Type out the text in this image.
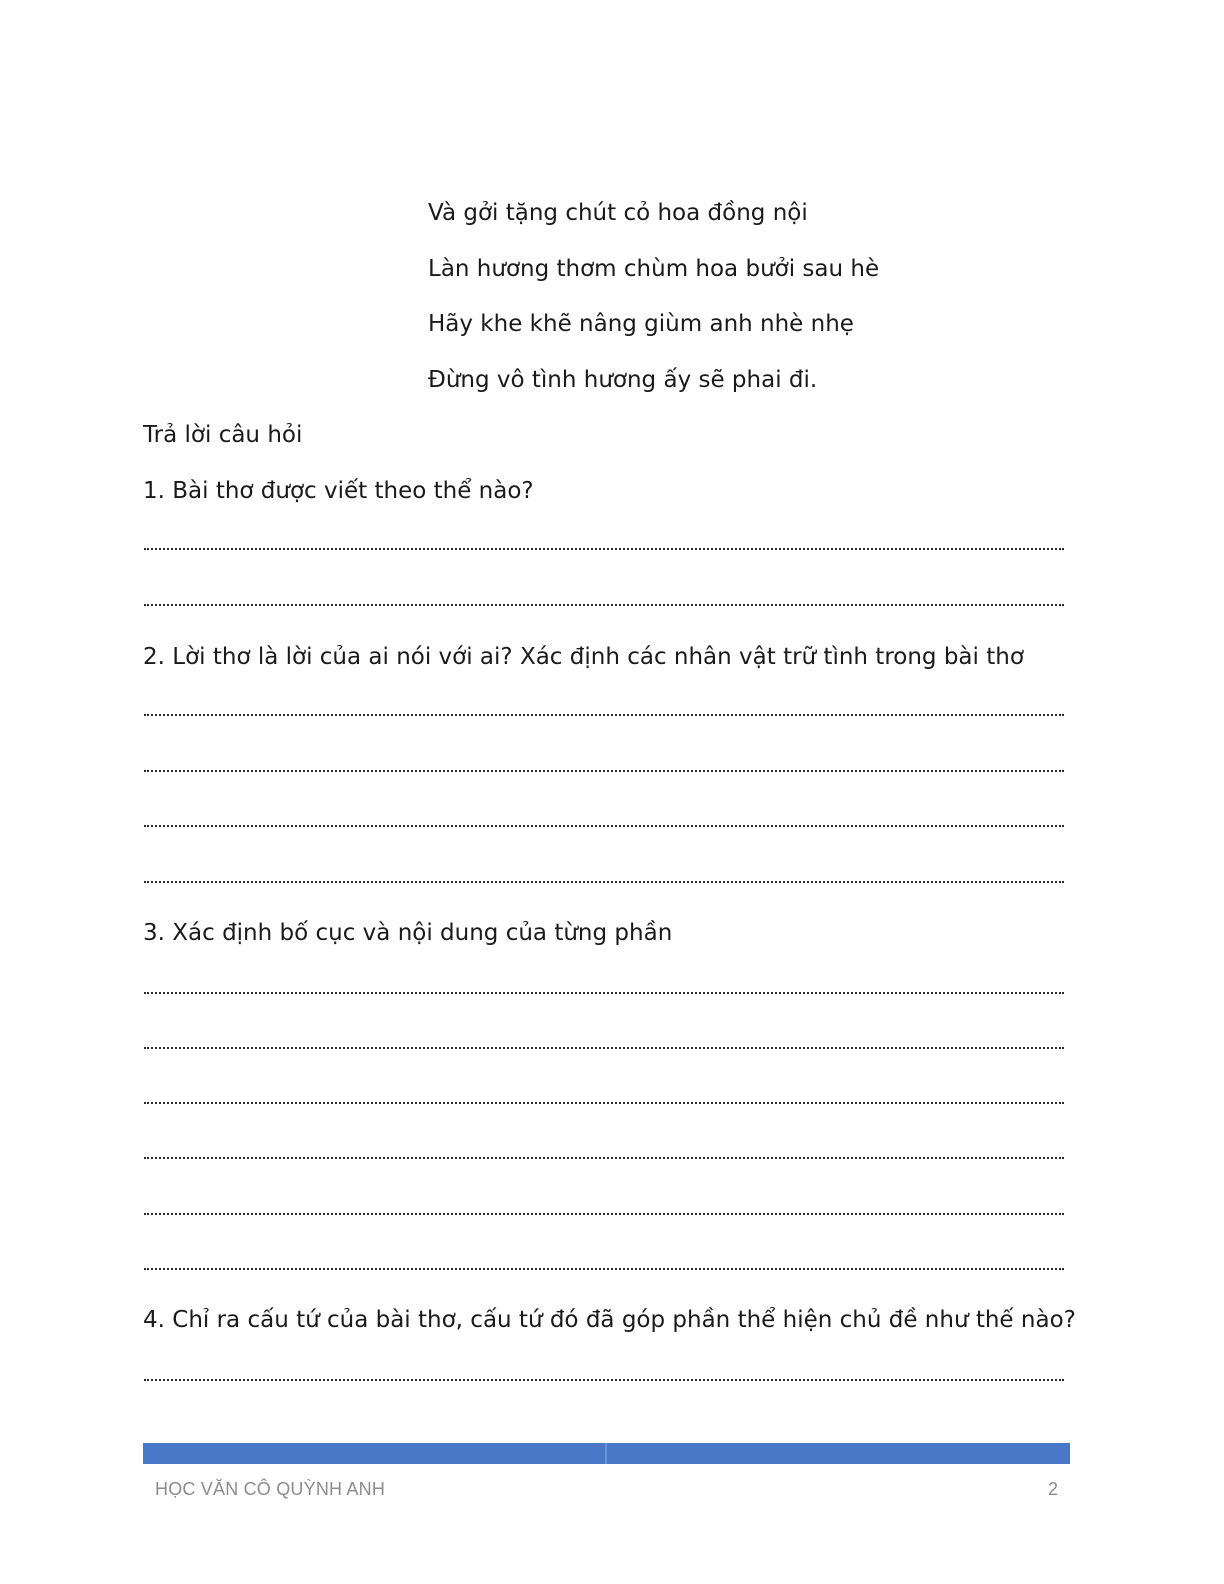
Và gởi tặng chút cỏ hoa đồng nội
Làn hương thơm chùm hoa bưởi sau hè
Hãy khe khẽ nâng giùm anh nhè nhẹ
Đừng vô tình hương ấy sẽ phai đi.
Trả lời câu hỏi
1. Bài thơ được viết theo thể nào?
2. Lời thơ là lời của ai nói với ai? Xác định các nhân vật trữ tình trong bài thơ
3. Xác định bố cục và nội dung của từng phần
4. Chỉ ra cấu tứ của bài thơ, cấu tứ đó đã góp phần thể hiện chủ đề như thế nào?
HỌC VĂN CÔ QUỲNH ANH	2
